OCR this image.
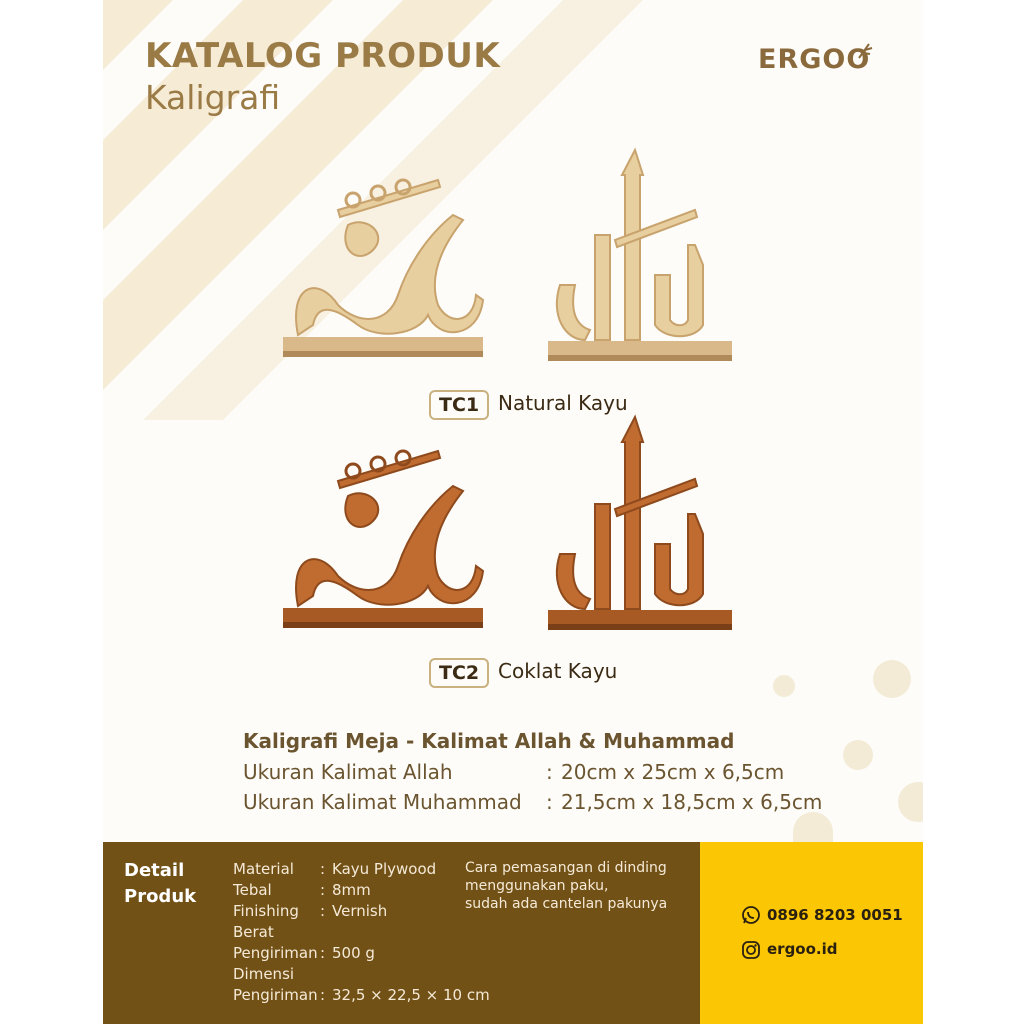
KATALOG PRODUK
Kaligrafi
ERGOO
TC1 Natural Kayu
TC2 Coklat Kayu
Kaligrafi Meja - Kalimat Allah & Muhammad
Ukuran Kalimat Allah	: 20cm x 25cm x 6,5cm
Ukuran Kalimat Muhammad : 21,5cm x 18,5cm x 6,5cm
Detail
Produk
Material : Kayu Plywood
Tebal	: 8mm
Finishing : Vernish
Berat
Pengiriman : 500 g
Dimensi
Pengiriman : 32,5 × 22,5 × 10 cm
Cara pemasangan di dinding
menggunakan paku,
sudah ada cantelan pakunya
0896 8203 0051
ergoo.id
